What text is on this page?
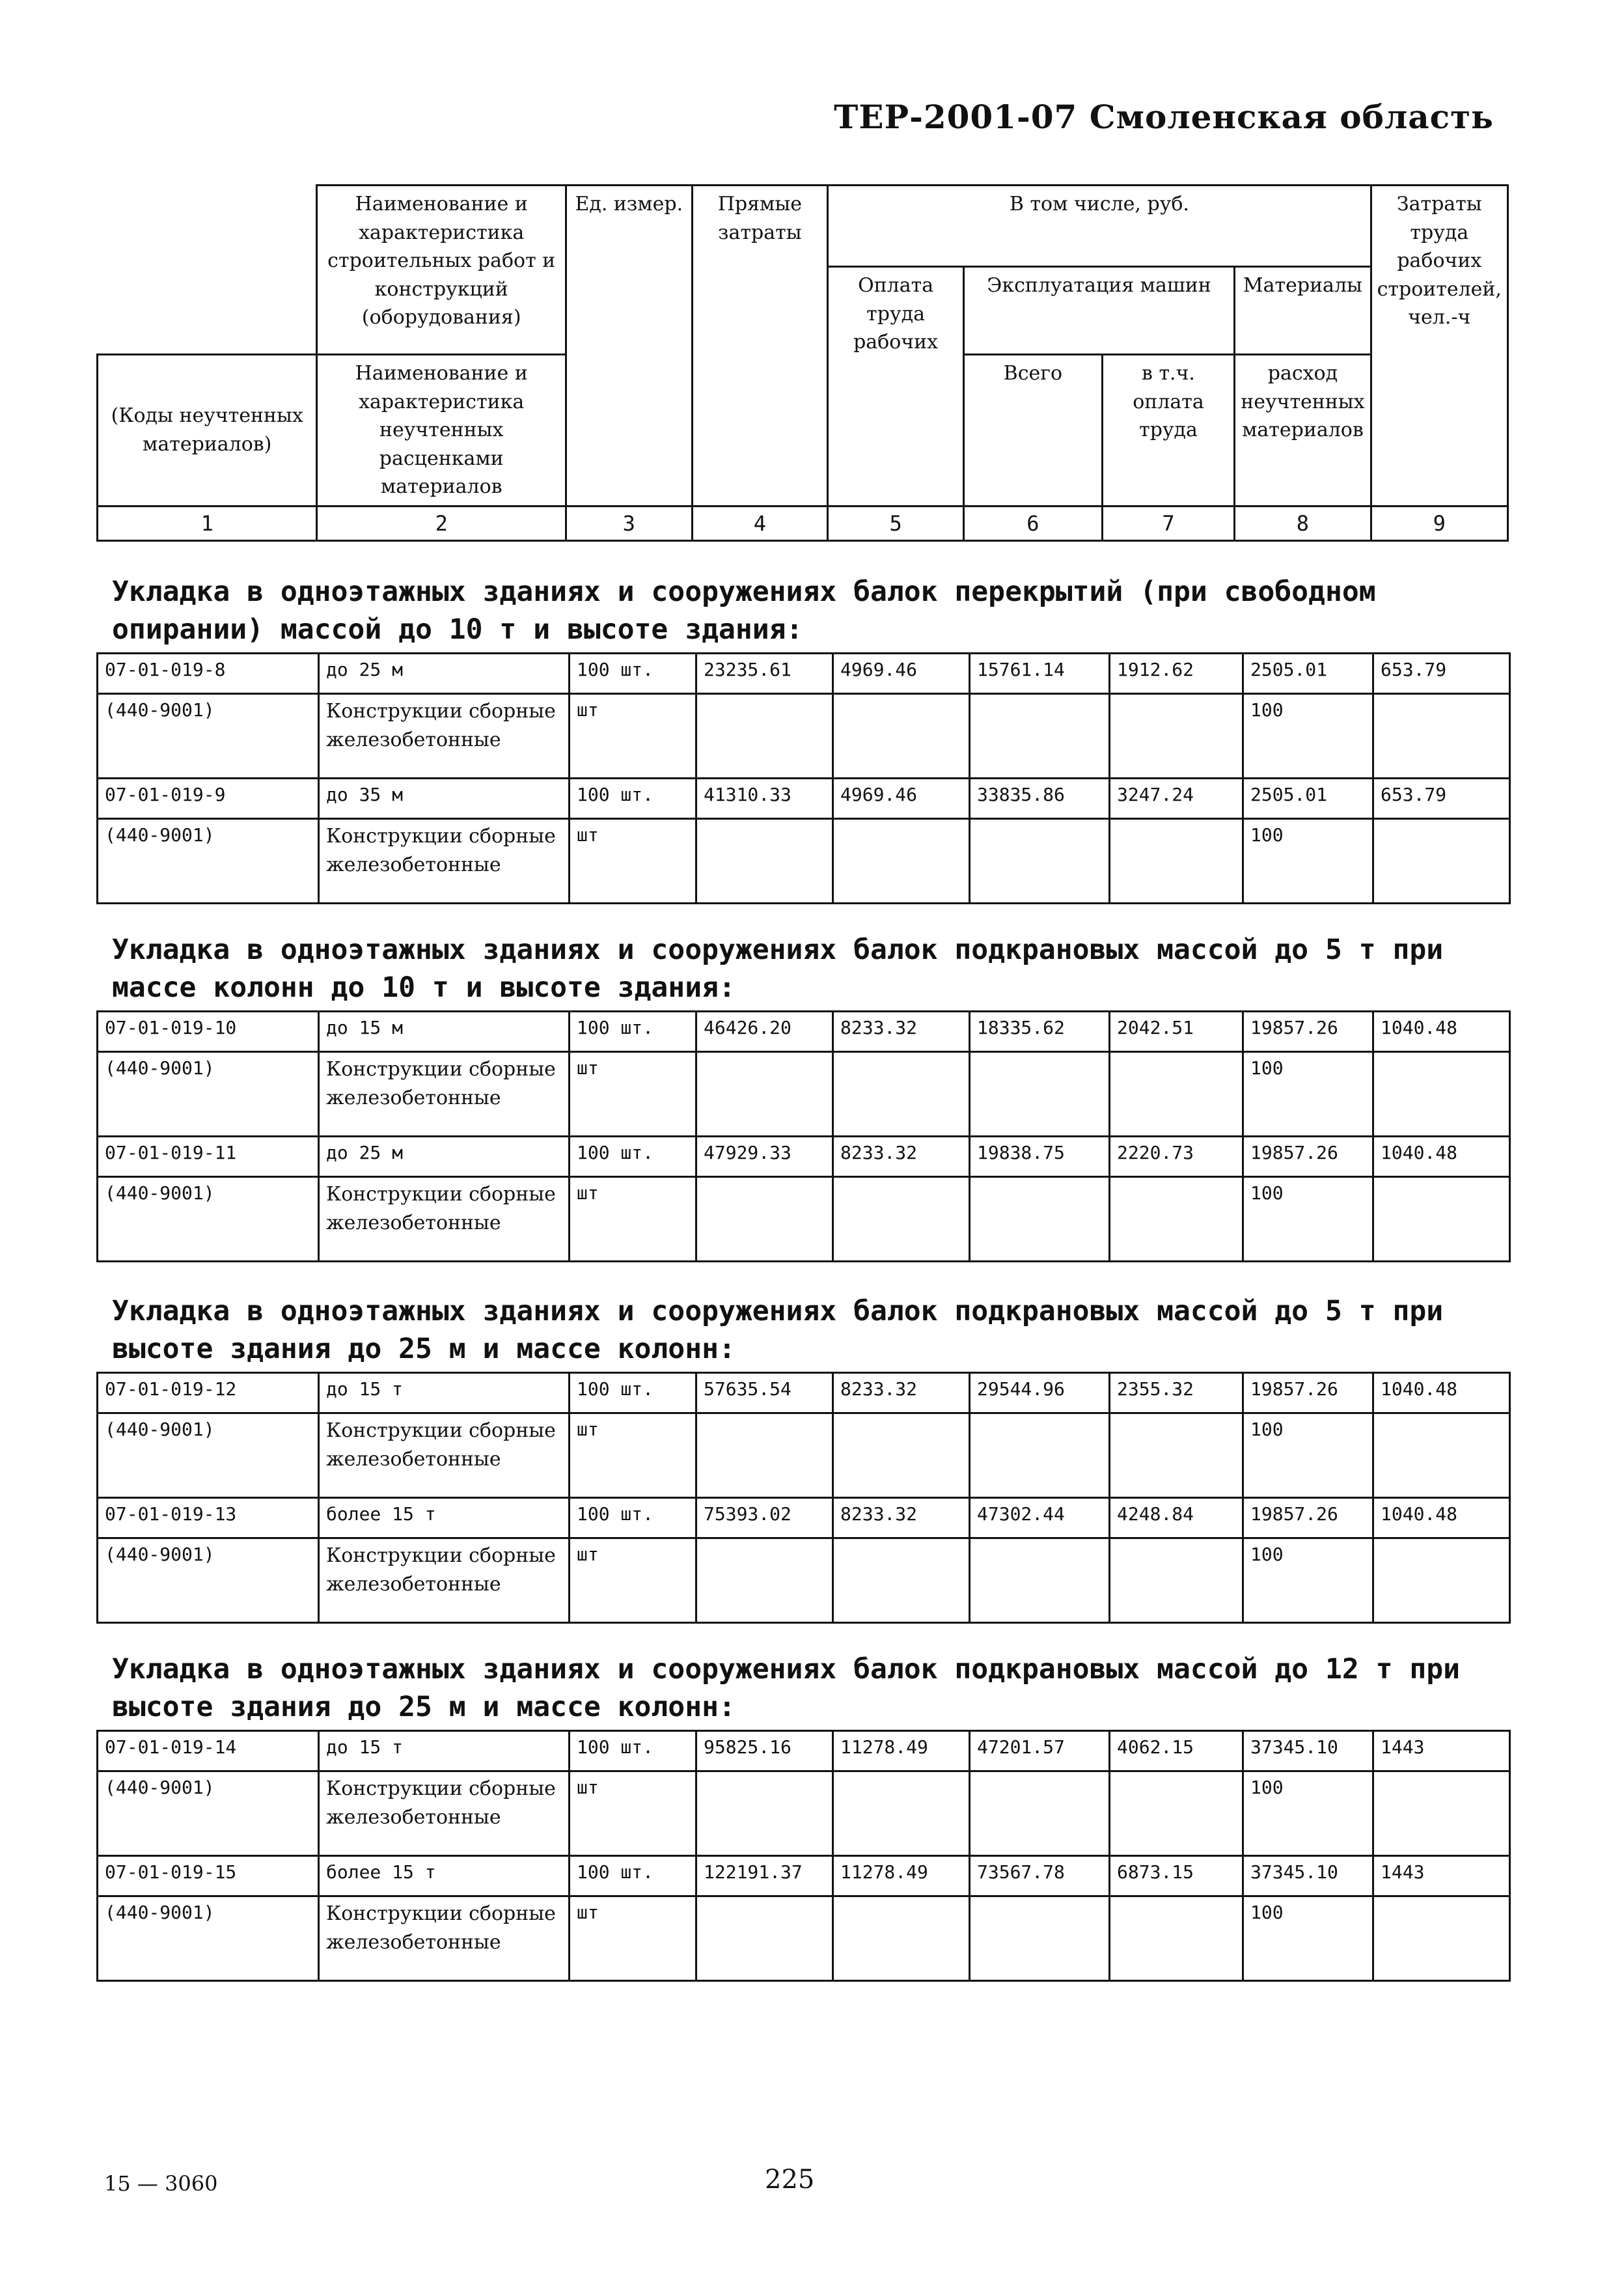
ТЕР-2001-07 Смоленская область
	Наименование и характеристика строительных работ и конструкций (оборудования)	Ед. измер.	Прямые затраты	В том числе, руб.				Затраты труда рабочих строителей, чел.-ч
				Оплата труда рабочих	Эксплуатация машин		Материалы	
(Коды неучтенных материалов)	Наименование и характеристика неучтенных расценками материалов				Всего	в т.ч. оплата труда	расход неучтенных материалов	
1	2	3	4	5	6	7	8	9

Укладка в одноэтажных зданиях и сооружениях балок перекрытий (при свободном опирании) массой до 10 т и высоте здания:

07-01-019-8	до 25 м	100 шт.	23235.61	4969.46	15761.14	1912.62	2505.01	653.79
(440-9001)	Конструкции сборные железобетонные	шт					100	
07-01-019-9	до 35 м	100 шт.	41310.33	4969.46	33835.86	3247.24	2505.01	653.79
(440-9001)	Конструкции сборные железобетонные	шт					100	

Укладка в одноэтажных зданиях и сооружениях балок подкрановых массой до 5 т при массе колонн до 10 т и высоте здания:

07-01-019-10	до 15 м	100 шт.	46426.20	8233.32	18335.62	2042.51	19857.26	1040.48
(440-9001)	Конструкции сборные железобетонные	шт					100	
07-01-019-11	до 25 м	100 шт.	47929.33	8233.32	19838.75	2220.73	19857.26	1040.48
(440-9001)	Конструкции сборные железобетонные	шт					100	

Укладка в одноэтажных зданиях и сооружениях балок подкрановых массой до 5 т при высоте здания до 25 м и массе колонн:

07-01-019-12	до 15 т	100 шт.	57635.54	8233.32	29544.96	2355.32	19857.26	1040.48
(440-9001)	Конструкции сборные железобетонные	шт					100	
07-01-019-13	более 15 т	100 шт.	75393.02	8233.32	47302.44	4248.84	19857.26	1040.48
(440-9001)	Конструкции сборные железобетонные	шт					100	

Укладка в одноэтажных зданиях и сооружениях балок подкрановых массой до 12 т при высоте здания до 25 м и массе колонн:

07-01-019-14	до 15 т	100 шт.	95825.16	11278.49	47201.57	4062.15	37345.10	1443
(440-9001)	Конструкции сборные железобетонные	шт					100	
07-01-019-15	более 15 т	100 шт.	122191.37	11278.49	73567.78	6873.15	37345.10	1443
(440-9001)	Конструкции сборные железобетонные	шт					100	
15 — 3060	225
